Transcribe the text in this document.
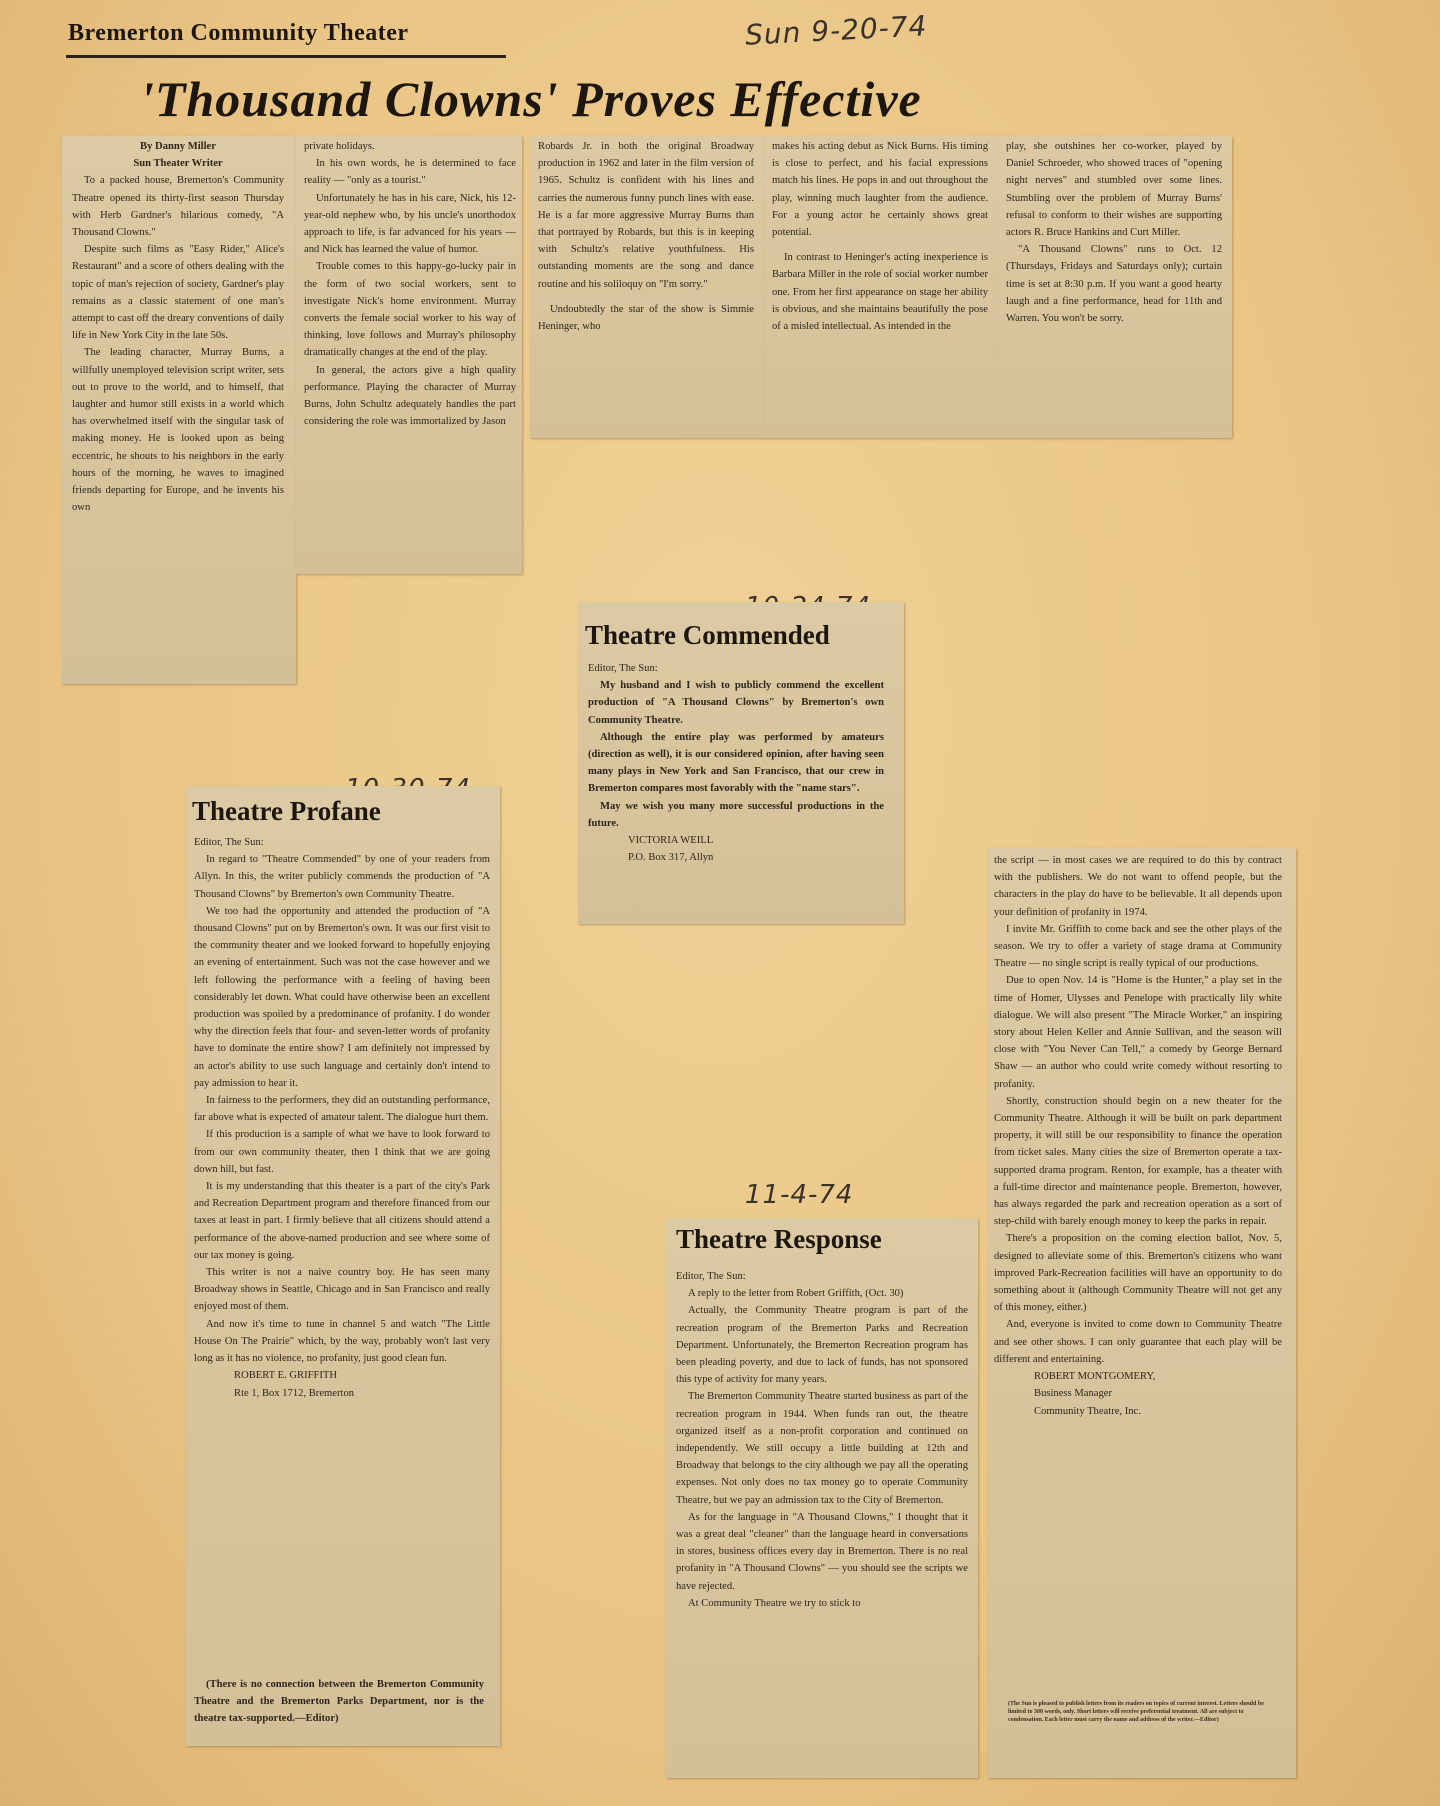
Sun 9-20-74
Bremerton Community Theater
'Thousand Clowns' Proves Effective

By Danny Miller

Sun Theater Writer

To a packed house, Bremerton's Community Theatre opened its thirty-first season Thursday with Herb Gardner's hilarious comedy, "A Thousand Clowns."

Despite such films as "Easy Rider," Alice's Restaurant" and a score of others dealing with the topic of man's rejection of society, Gardner's play remains as a classic statement of one man's attempt to cast off the dreary conventions of daily life in New York City in the late 50s.

The leading character, Murray Burns, a willfully unemployed television script writer, sets out to prove to the world, and to himself, that laughter and humor still exists in a world which has overwhelmed itself with the singular task of making money. He is looked upon as being eccentric, he shouts to his neighbors in the early hours of the morning, he waves to imagined friends departing for Europe, and he invents his own

private holidays.

In his own words, he is determined to face reality — "only as a tourist."

Unfortunately he has in his care, Nick, his 12-year-old nephew who, by his uncle's unorthodox approach to life, is far advanced for his years — and Nick has learned the value of humor.

Trouble comes to this happy-go-lucky pair in the form of two social workers, sent to investigate Nick's home environment. Murray converts the female social worker to his way of thinking, love follows and Murray's philosophy dramatically changes at the end of the play.

In general, the actors give a high quality performance. Playing the character of Murray Burns, John Schultz adequately handles the part considering the role was immortalized by Jason

Robards Jr. in both the original Broadway production in 1962 and later in the film version of 1965. Schultz is confident with his lines and carries the numerous funny punch lines with ease. He is a far more aggressive Murray Burns than that portrayed by Robards, but this is in keeping with Schultz's relative youthfulness. His outstanding moments are the song and dance routine and his soliloquy on "I'm sorry."

Undoubtedly the star of the show is Simmie Heninger, who

makes his acting debut as Nick Burns. His timing is close to perfect, and his facial expressions match his lines. He pops in and out throughout the play, winning much laughter from the audience. For a young actor he certainly shows great potential.

In contrast to Heninger's acting inexperience is Barbara Miller in the role of social worker number one. From her first appearance on stage her ability is obvious, and she maintains beautifully the pose of a misled intellectual. As intended in the

play, she outshines her co-worker, played by Daniel Schroeder, who showed traces of "opening night nerves" and stumbled over some lines. Stumbling over the problem of Murray Burns' refusal to conform to their wishes are supporting actors R. Bruce Hankins and Curt Miller.

"A Thousand Clowns" runs to Oct. 12 (Thursdays, Fridays and Saturdays only); curtain time is set at 8:30 p.m. If you want a good hearty laugh and a fine performance, head for 11th and Warren. You won't be sorry.

Theatre Commended

Editor, The Sun:

My husband and I wish to publicly commend the excellent production of "A Thousand Clowns" by Bremerton's own Community Theatre.

Although the entire play was performed by amateurs (direction as well), it is our considered opinion, after having seen many plays in New York and San Francisco, that our crew in Bremerton compares most favorably with the "name stars".

May we wish you many more successful productions in the future.

VICTORIA WEILL

P.O. Box 317, Allyn

Theatre Profane

Editor, The Sun:

In regard to "Theatre Commended" by one of your readers from Allyn. In this, the writer publicly commends the production of "A Thousand Clowns" by Bremerton's own Community Theatre.

We too had the opportunity and attended the production of "A thousand Clowns" put on by Bremerton's own. It was our first visit to the community theater and we looked forward to hopefully enjoying an evening of entertainment. Such was not the case however and we left following the performance with a feeling of having been considerably let down. What could have otherwise been an excellent production was spoiled by a predominance of profanity. I do wonder why the direction feels that four- and seven-letter words of profanity have to dominate the entire show? I am definitely not impressed by an actor's ability to use such language and certainly don't intend to pay admission to hear it.

In fairness to the performers, they did an outstanding performance, far above what is expected of amateur talent. The dialogue hurt them.

If this production is a sample of what we have to look forward to from our own community theater, then I think that we are going down hill, but fast.

It is my understanding that this theater is a part of the city's Park and Recreation Department program and therefore financed from our taxes at least in part. I firmly believe that all citizens should attend a performance of the above-named production and see where some of our tax money is going.

This writer is not a naive country boy. He has seen many Broadway shows in Seattle, Chicago and in San Francisco and really enjoyed most of them.

And now it's time to tune in channel 5 and watch "The Little House On The Prairie" which, by the way, probably won't last very long as it has no violence, no profanity, just good clean fun.

ROBERT E. GRIFFITH

Rte 1, Box 1712, Bremerton

(There is no connection between the Bremerton Community Theatre and the Bremerton Parks Department, nor is the theatre tax-supported.—Editor)

11-4-74
Theatre Response

Editor, The Sun:

A reply to the letter from Robert Griffith, (Oct. 30)

Actually, the Community Theatre program is part of the recreation program of the Bremerton Parks and Recreation Department. Unfortunately, the Bremerton Recreation program has been pleading poverty, and due to lack of funds, has not sponsored this type of activity for many years.

The Bremerton Community Theatre started business as part of the recreation program in 1944. When funds ran out, the theatre organized itself as a non-profit corporation and continued on independently. We still occupy a little building at 12th and Broadway that belongs to the city although we pay all the operating expenses. Not only does no tax money go to operate Community Theatre, but we pay an admission tax to the City of Bremerton.

As for the language in "A Thousand Clowns," I thought that it was a great deal "cleaner" than the language heard in conversations in stores, business offices every day in Bremerton. There is no real profanity in "A Thousand Clowns" — you should see the scripts we have rejected.

At Community Theatre we try to stick to

the script — in most cases we are required to do this by contract with the publishers. We do not want to offend people, but the characters in the play do have to be believable. It all depends upon your definition of profanity in 1974.

I invite Mr. Griffith to come back and see the other plays of the season. We try to offer a variety of stage drama at Community Theatre — no single script is really typical of our productions.

Due to open Nov. 14 is "Home is the Hunter," a play set in the time of Homer, Ulysses and Penelope with practically lily white dialogue. We will also present "The Miracle Worker," an inspiring story about Helen Keller and Annie Sullivan, and the season will close with "You Never Can Tell," a comedy by George Bernard Shaw — an author who could write comedy without resorting to profanity.

Shortly, construction should begin on a new theater for the Community Theatre. Although it will be built on park department property, it will still be our responsibility to finance the operation from ticket sales. Many cities the size of Bremerton operate a tax-supported drama program. Renton, for example, has a theater with a full-time director and maintenance people. Bremerton, however, has always regarded the park and recreation operation as a sort of step-child with barely enough money to keep the parks in repair.

There's a proposition on the coming election ballot, Nov. 5, designed to alleviate some of this. Bremerton's citizens who want improved Park-Recreation facilities will have an opportunity to do something about it (although Community Theatre will not get any of this money, either.)

And, everyone is invited to come down to Community Theatre and see other shows. I can only guarantee that each play will be different and entertaining.

ROBERT MONTGOMERY,

Business Manager

Community Theatre, Inc.

(The Sun is pleased to publish letters from its readers on topics of current interest. Letters should be limited to 300 words, only. Short letters will receive preferential treatment. All are subject to condensation. Each letter must carry the name and address of the writer.—Editor)
